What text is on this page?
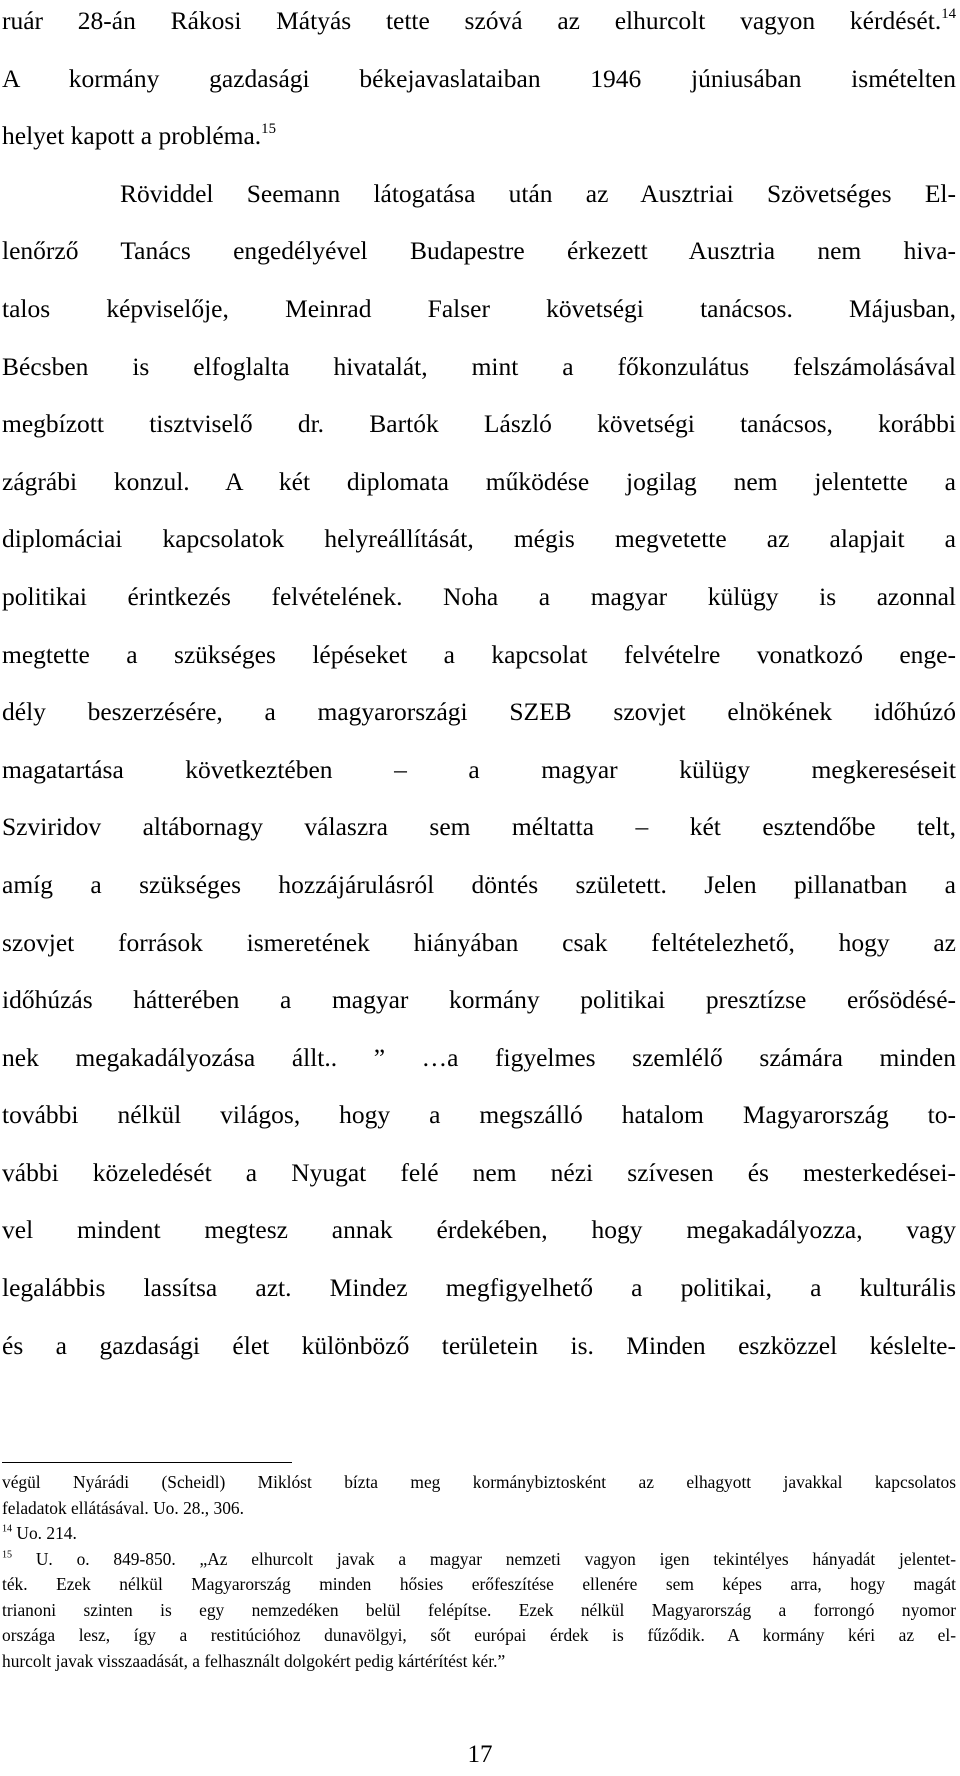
ruár 28-án Rákosi Mátyás tette szóvá az elhurcolt vagyon kérdését.$^{14}$
A kormány gazdasági békejavaslataiban 1946 júniusában ismételten
helyet kapott a probléma.$^{15}$
Röviddel Seemann látogatása után az Ausztriai Szövetséges El-
lenőrző Tanács engedélyével Budapestre érkezett Ausztria nem hiva-
talos képviselője, Meinrad Falser követségi tanácsos. Májusban,
Bécsben is elfoglalta hivatalát, mint a főkonzulátus felszámolásával
megbízott tisztviselő dr. Bartók László követségi tanácsos, korábbi
zágrábi konzul. A két diplomata működése jogilag nem jelentette a
diplomáciai kapcsolatok helyreállítását, mégis megvetette az alapjait a
politikai érintkezés felvételének. Noha a magyar külügy is azonnal
megtette a szükséges lépéseket a kapcsolat felvételre vonatkozó enge-
dély beszerzésére, a magyarországi SZEB szovjet elnökének időhúzó
magatartása következtében – a magyar külügy megkereséseit
Szviridov altábornagy válaszra sem méltatta – két esztendőbe telt,
amíg a szükséges hozzájárulásról döntés született. Jelen pillanatban a
szovjet források ismeretének hiányában csak feltételezhető, hogy az
időhúzás hátterében a magyar kormány politikai presztízse erősödésé-
nek megakadályozása állt.. ” …a figyelmes szemlélő számára minden
további nélkül világos, hogy a megszálló hatalom Magyarország to-
vábbi közeledését a Nyugat felé nem nézi szívesen és mesterkedései-
vel mindent megtesz annak érdekében, hogy megakadályozza, vagy
legalábbis lassítsa azt. Mindez megfigyelhető a politikai, a kulturális
és a gazdasági élet különböző területein is. Minden eszközzel késlelte-
végül Nyárádi (Scheidl) Miklóst bízta meg kormánybiztosként az elhagyott javakkal kapcsolatos
feladatok ellátásával. Uo. 28., 306.
$^{14}$ Uo. 214.
$^{15}$ U. o. 849-850. „Az elhurcolt javak a magyar nemzeti vagyon igen tekintélyes hányadát jelentet-
ték. Ezek nélkül Magyarország minden hősies erőfeszítése ellenére sem képes arra, hogy magát
trianoni szinten is egy nemzedéken belül felépítse. Ezek nélkül Magyarország a forrongó nyomor
országa lesz, így a restitúcióhoz dunavölgyi, sőt európai érdek is fűződik. A kormány kéri az el-
hurcolt javak visszaadását, a felhasznált dolgokért pedig kártérítést kér.”
17
